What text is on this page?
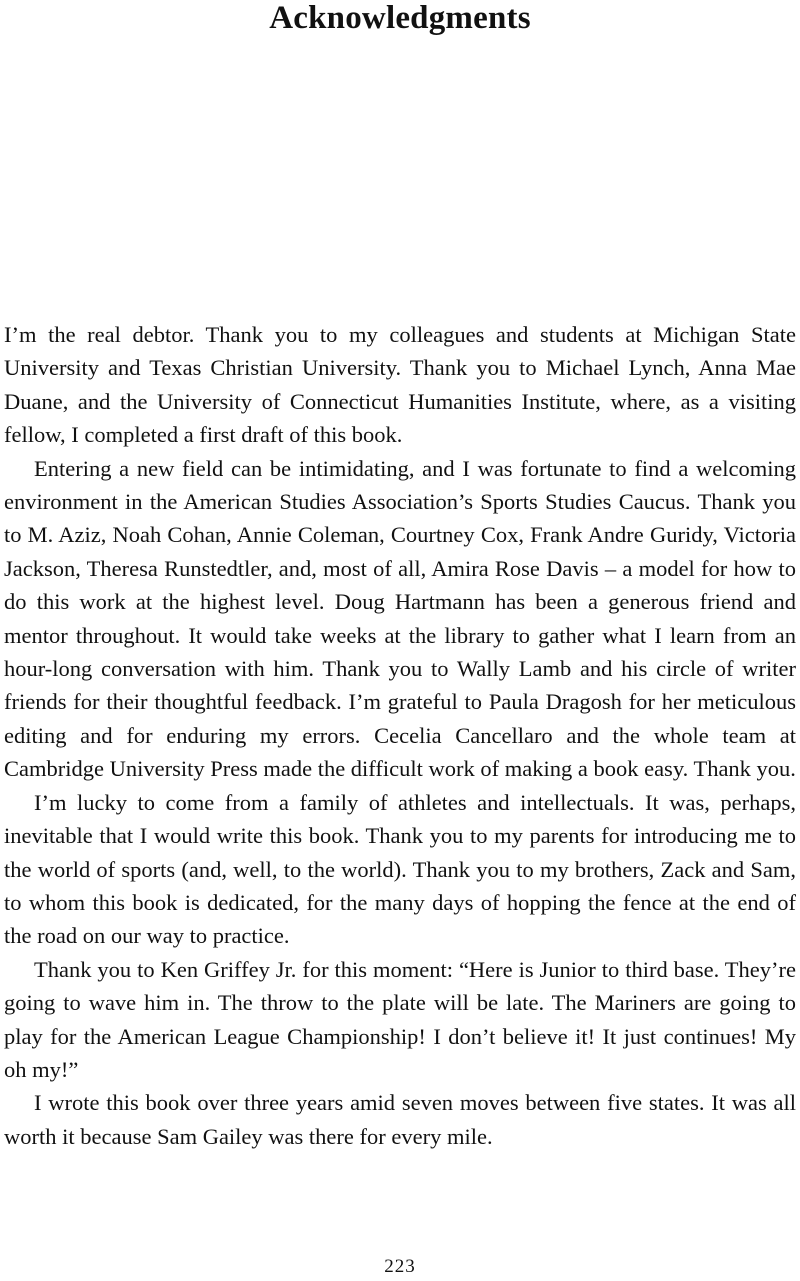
Acknowledgments

I’m the real debtor. Thank you to my colleagues and students at Michigan State University and Texas Christian University. Thank you to Michael Lynch, Anna Mae Duane, and the University of Connecticut Humanities Institute, where, as a visiting fellow, I completed a first draft of this book.

Entering a new field can be intimidating, and I was fortunate to find a welcoming environment in the American Studies Association’s Sports Studies Caucus. Thank you to M. Aziz, Noah Cohan, Annie Coleman, Courtney Cox, Frank Andre Guridy, Victoria Jackson, Theresa Runstedtler, and, most of all, Amira Rose Davis – a model for how to do this work at the highest level. Doug Hartmann has been a generous friend and mentor throughout. It would take weeks at the library to gather what I learn from an hour-long conversation with him. Thank you to Wally Lamb and his circle of writer friends for their thoughtful feedback. I’m grateful to Paula Dragosh for her meticulous editing and for enduring my errors. Cecelia Cancellaro and the whole team at Cambridge University Press made the difficult work of making a book easy. Thank you.

I’m lucky to come from a family of athletes and intellectuals. It was, perhaps, inevitable that I would write this book. Thank you to my parents for introducing me to the world of sports (and, well, to the world). Thank you to my brothers, Zack and Sam, to whom this book is dedicated, for the many days of hopping the fence at the end of the road on our way to practice.

Thank you to Ken Griffey Jr. for this moment: “Here is Junior to third base. They’re going to wave him in. The throw to the plate will be late. The Mariners are going to play for the American League Championship! I don’t believe it! It just continues! My oh my!”

I wrote this book over three years amid seven moves between five states. It was all worth it because Sam Gailey was there for every mile.

223
